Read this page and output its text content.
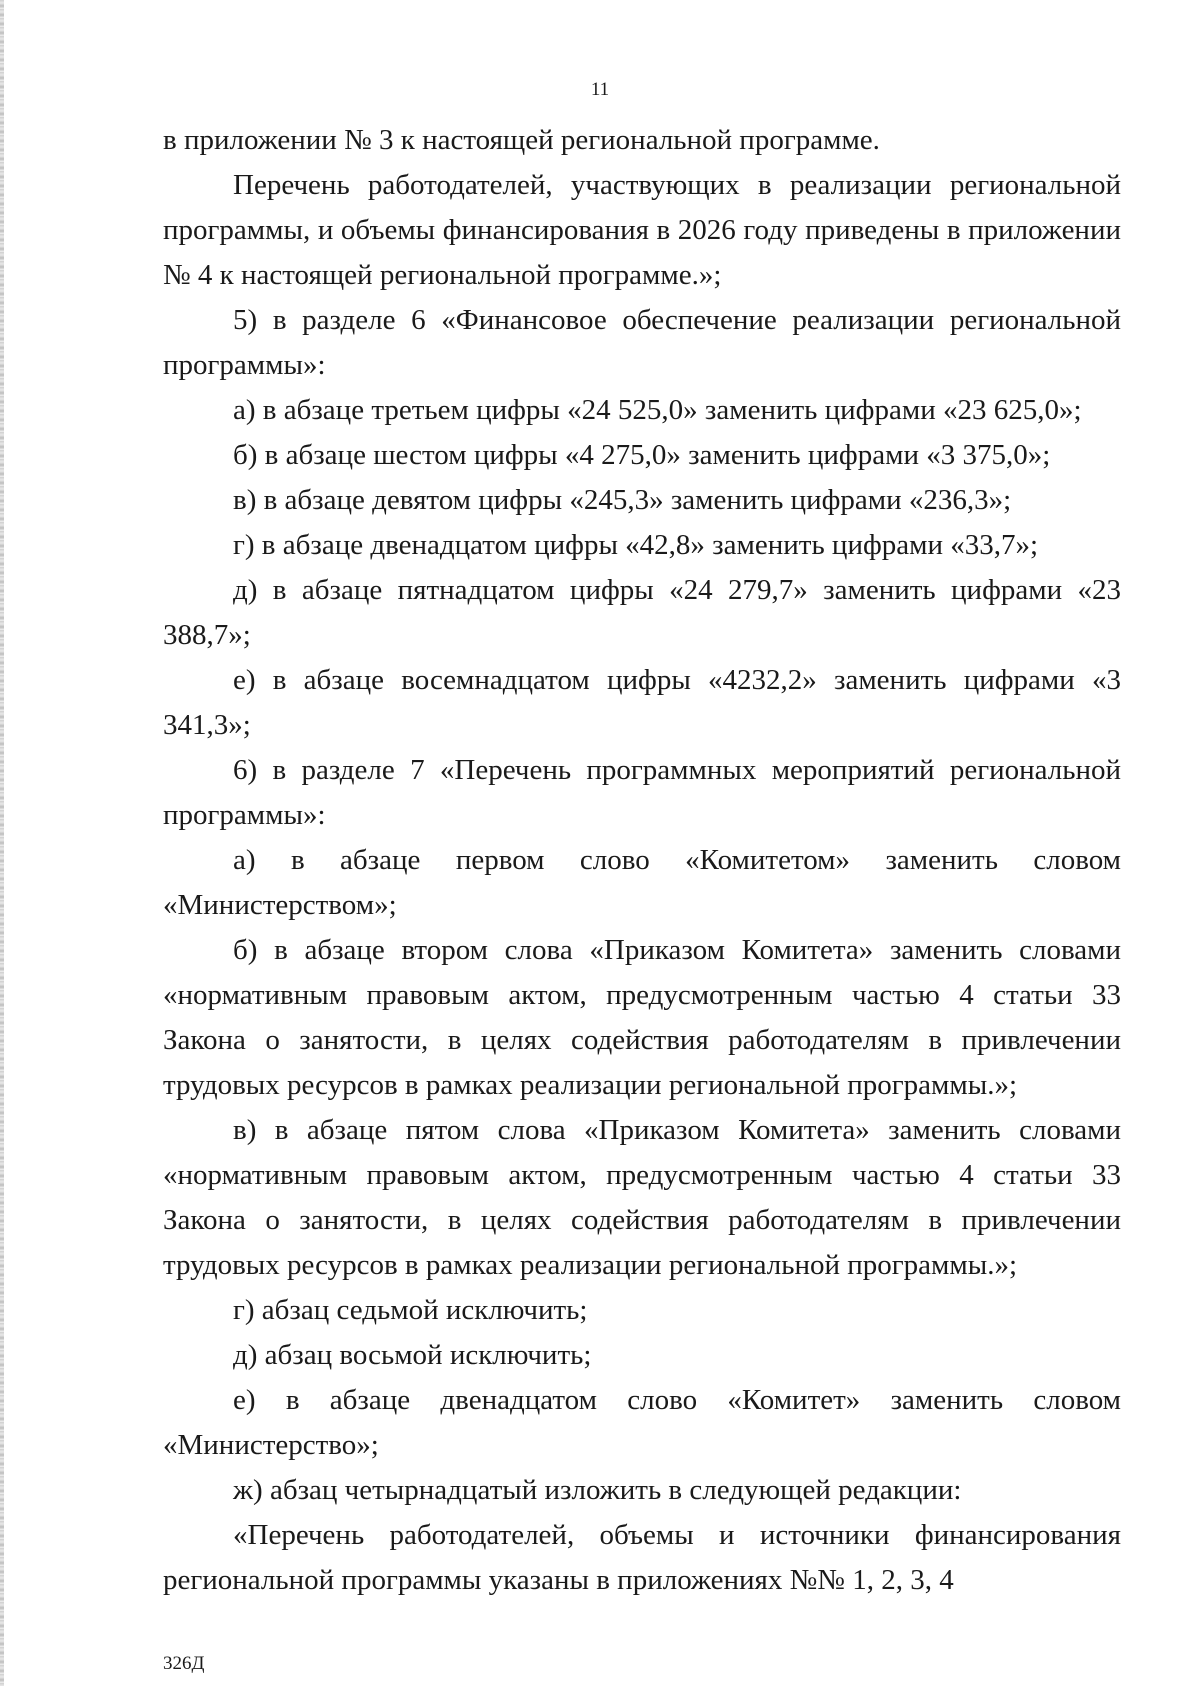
11

в приложении № 3 к настоящей региональной программе.

Перечень работодателей, участвующих в реализации региональной программы, и объемы финансирования в 2026 году приведены в приложении № 4 к настоящей региональной программе.»;

5) в разделе 6 «Финансовое обеспечение реализации региональной программы»:

а) в абзаце третьем цифры «24 525,0» заменить цифрами «23 625,0»;

б) в абзаце шестом цифры «4 275,0» заменить цифрами «3 375,0»;

в) в абзаце девятом цифры «245,3» заменить цифрами «236,3»;

г) в абзаце двенадцатом цифры «42,8» заменить цифрами «33,7»;

д) в абзаце пятнадцатом цифры «24 279,7» заменить цифрами «23 388,7»;

е) в абзаце восемнадцатом цифры «4232,2» заменить цифрами «3 341,3»;

6) в разделе 7 «Перечень программных мероприятий региональной программы»:

а) в абзаце первом слово «Комитетом» заменить словом «Министерством»;

б) в абзаце втором слова «Приказом Комитета» заменить словами «нормативным правовым актом, предусмотренным частью 4 статьи 33 Закона о занятости, в целях содействия работодателям в привлечении трудовых ресурсов в рамках реализации региональной программы.»;

в) в абзаце пятом слова «Приказом Комитета» заменить словами «нормативным правовым актом, предусмотренным частью 4 статьи 33 Закона о занятости, в целях содействия работодателям в привлечении трудовых ресурсов в рамках реализации региональной программы.»;

г) абзац седьмой исключить;

д) абзац восьмой исключить;

е) в абзаце двенадцатом слово «Комитет» заменить словом «Министерство»;

ж) абзац четырнадцатый изложить в следующей редакции:

«Перечень работодателей, объемы и источники финансирования региональной программы указаны в приложениях №№ 1, 2, 3, 4

326Д
